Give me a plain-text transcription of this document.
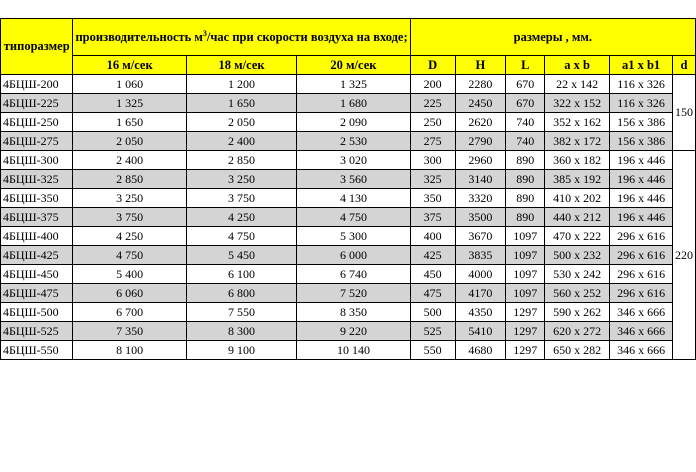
типоразмер	производительность $м^3$/час при скорости воздуха на входе;			размеры , мм.					
	16 м/сек	18 м/сек	20 м/сек	D	H	L	a x b	a1 x b1	d
4БЦШ-200	1 060	1 200	1 325	200	2280	670	22 x 142	116 x 326	150
4БЦШ-225	1 325	1 650	1 680	225	2450	670	322 x 152	116 x 326	
4БЦШ-250	1 650	2 050	2 090	250	2620	740	352 x 162	156 x 386	
4БЦШ-275	2 050	2 400	2 530	275	2790	740	382 x 172	156 x 386	
4БЦШ-300	2 400	2 850	3 020	300	2960	890	360 x 182	196 x 446	220
4БЦШ-325	2 850	3 250	3 560	325	3140	890	385 x 192	196 x 446	
4БЦШ-350	3 250	3 750	4 130	350	3320	890	410 x 202	196 x 446	
4БЦШ-375	3 750	4 250	4 750	375	3500	890	440 x 212	196 x 446	
4БЦШ-400	4 250	4 750	5 300	400	3670	1097	470 x 222	296 x 616	
4БЦШ-425	4 750	5 450	6 000	425	3835	1097	500 x 232	296 x 616	
4БЦШ-450	5 400	6 100	6 740	450	4000	1097	530 x 242	296 x 616	
4БЦШ-475	6 060	6 800	7 520	475	4170	1097	560 x 252	296 x 616	
4БЦШ-500	6 700	7 550	8 350	500	4350	1297	590 x 262	346 x 666	
4БЦШ-525	7 350	8 300	9 220	525	5410	1297	620 x 272	346 x 666	
4БЦШ-550	8 100	9 100	10 140	550	4680	1297	650 x 282	346 x 666	
